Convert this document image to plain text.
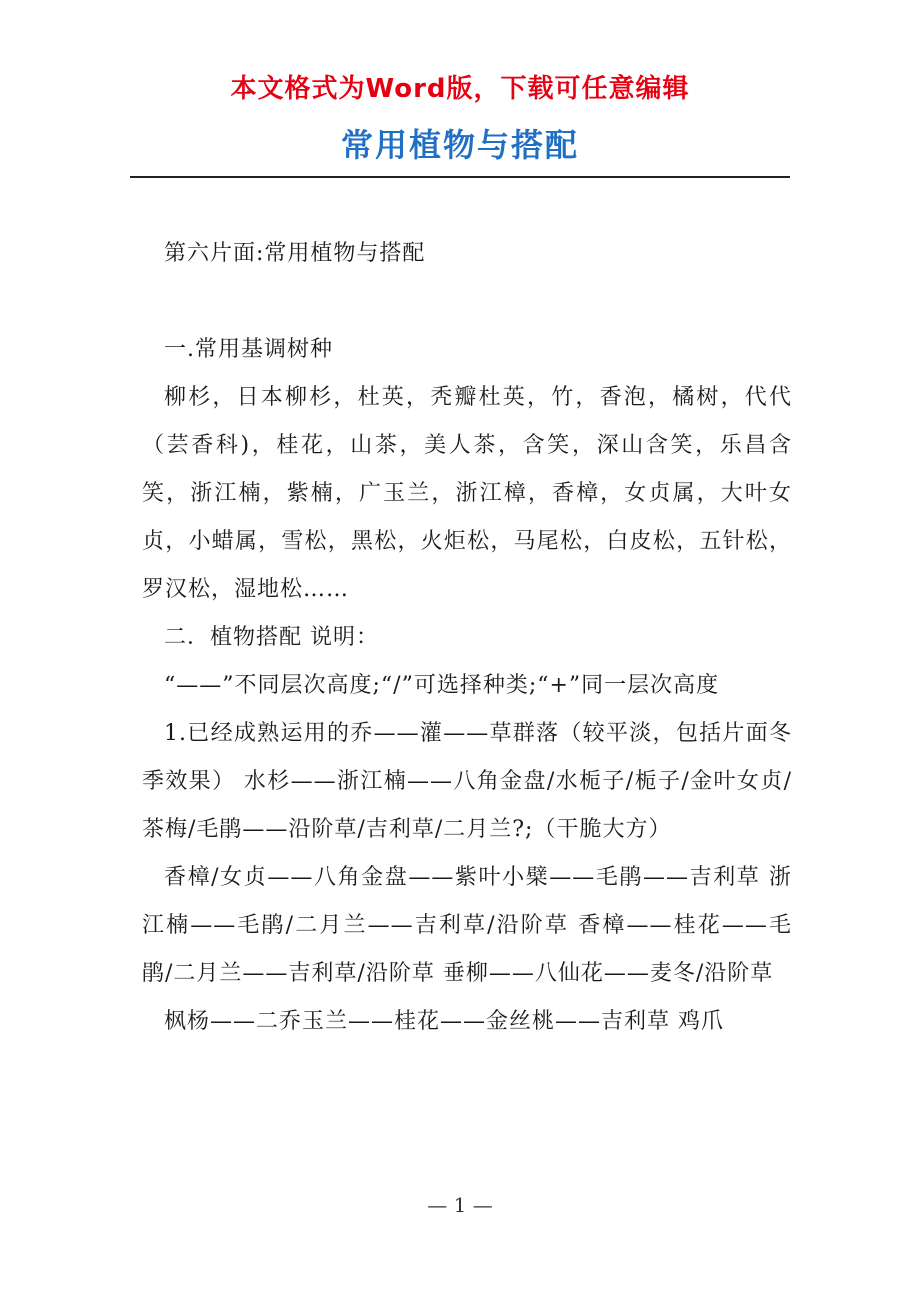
本文格式为Word版，下载可任意编辑
常用植物与搭配

第六片面:常用植物与搭配

一.常用基调树种

柳杉，日本柳杉，杜英，秃瓣杜英，竹，香泡，橘树，代代（芸香科)，桂花，山茶，美人茶，含笑，深山含笑，乐昌含笑，浙江楠，紫楠，广玉兰，浙江樟，香樟，女贞属，大叶女贞，小蜡属，雪松，黑松，火炬松，马尾松，白皮松，五针松，罗汉松，湿地松……

二．植物搭配 说明：

“——”不同层次高度;“/”可选择种类;“+”同一层次高度

1.已经成熟运用的乔——灌——草群落（较平淡，包括片面冬季效果） 水杉——浙江楠——八角金盘/水栀子/栀子/金叶女贞/茶梅/毛鹃——沿阶草/吉利草/二月兰?;（干脆大方）

香樟/女贞——八角金盘——紫叶小檗——毛鹃——吉利草 浙江楠——毛鹃/二月兰——吉利草/沿阶草 香樟——桂花——毛鹃/二月兰——吉利草/沿阶草 垂柳——八仙花——麦冬/沿阶草

枫杨——二乔玉兰——桂花——金丝桃——吉利草 鸡爪

— 1 —
